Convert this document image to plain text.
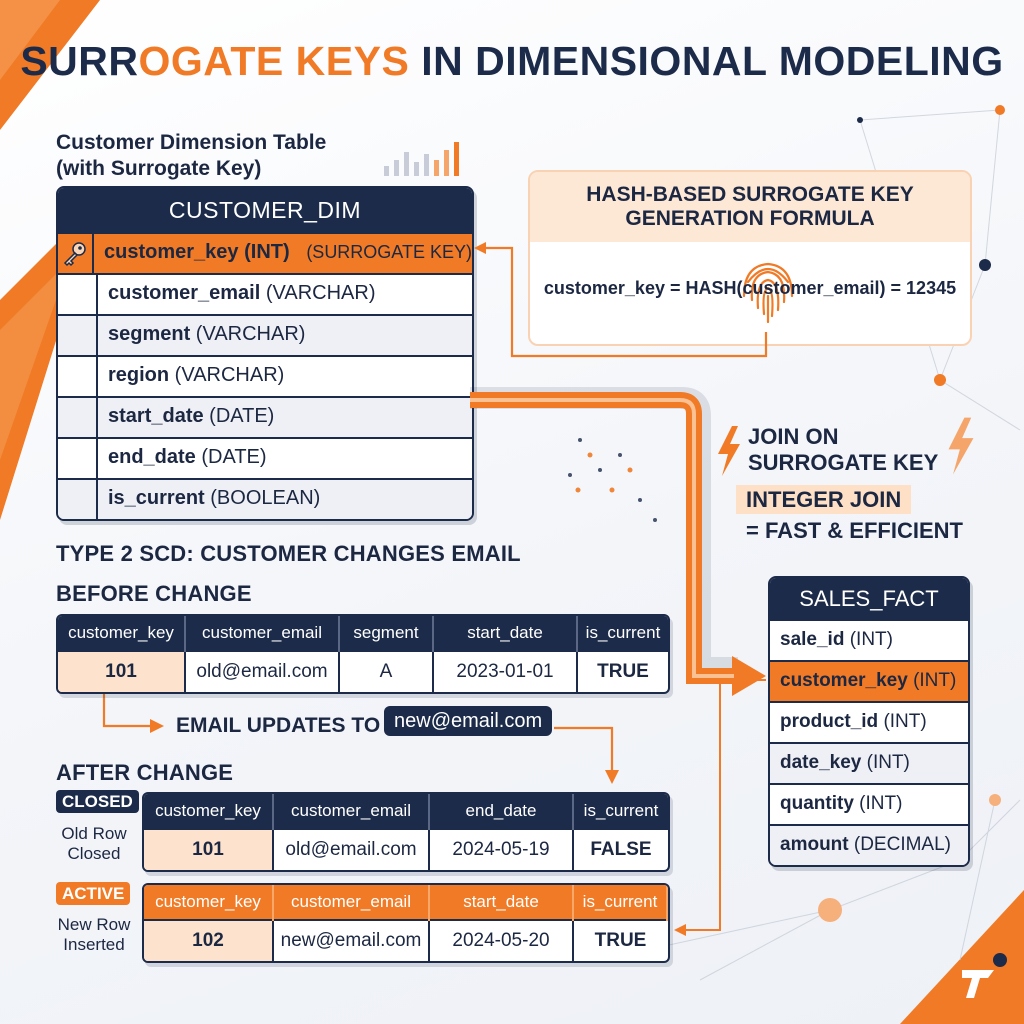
SURROGATE KEYS IN DIMENSIONAL MODELING
Customer Dimension Table
(with Surrogate Key)
CUSTOMER_DIM
customer_key (INT) (SURROGATE KEY)
customer_email (VARCHAR)
segment (VARCHAR)
region (VARCHAR)
start_date (DATE)
end_date (DATE)
is_current (BOOLEAN)
HASH-BASED SURROGATE KEY
GENERATION FORMULA
customer_key = HASH(customer_email) = 12345
JOIN ON
SURROGATE KEY
INTEGER JOIN
= FAST & EFFICIENT
TYPE 2 SCD: CUSTOMER CHANGES EMAIL
BEFORE CHANGE
customer_key	customer_email	segment	start_date	is_current
101	old@email.com	A	2023-01-01	TRUE
EMAIL UPDATES TO new@email.com
AFTER CHANGE
CLOSED
Old Row
Closed
customer_key	customer_email	end_date	is_current
101	old@email.com	2024-05-19	FALSE
ACTIVE
New Row
Inserted
customer_key	customer_email	start_date	is_current
102	new@email.com	2024-05-20	TRUE
SALES_FACT
sale_id (INT)
customer_key (INT)
product_id (INT)
date_key (INT)
quantity (INT)
amount (DECIMAL)
